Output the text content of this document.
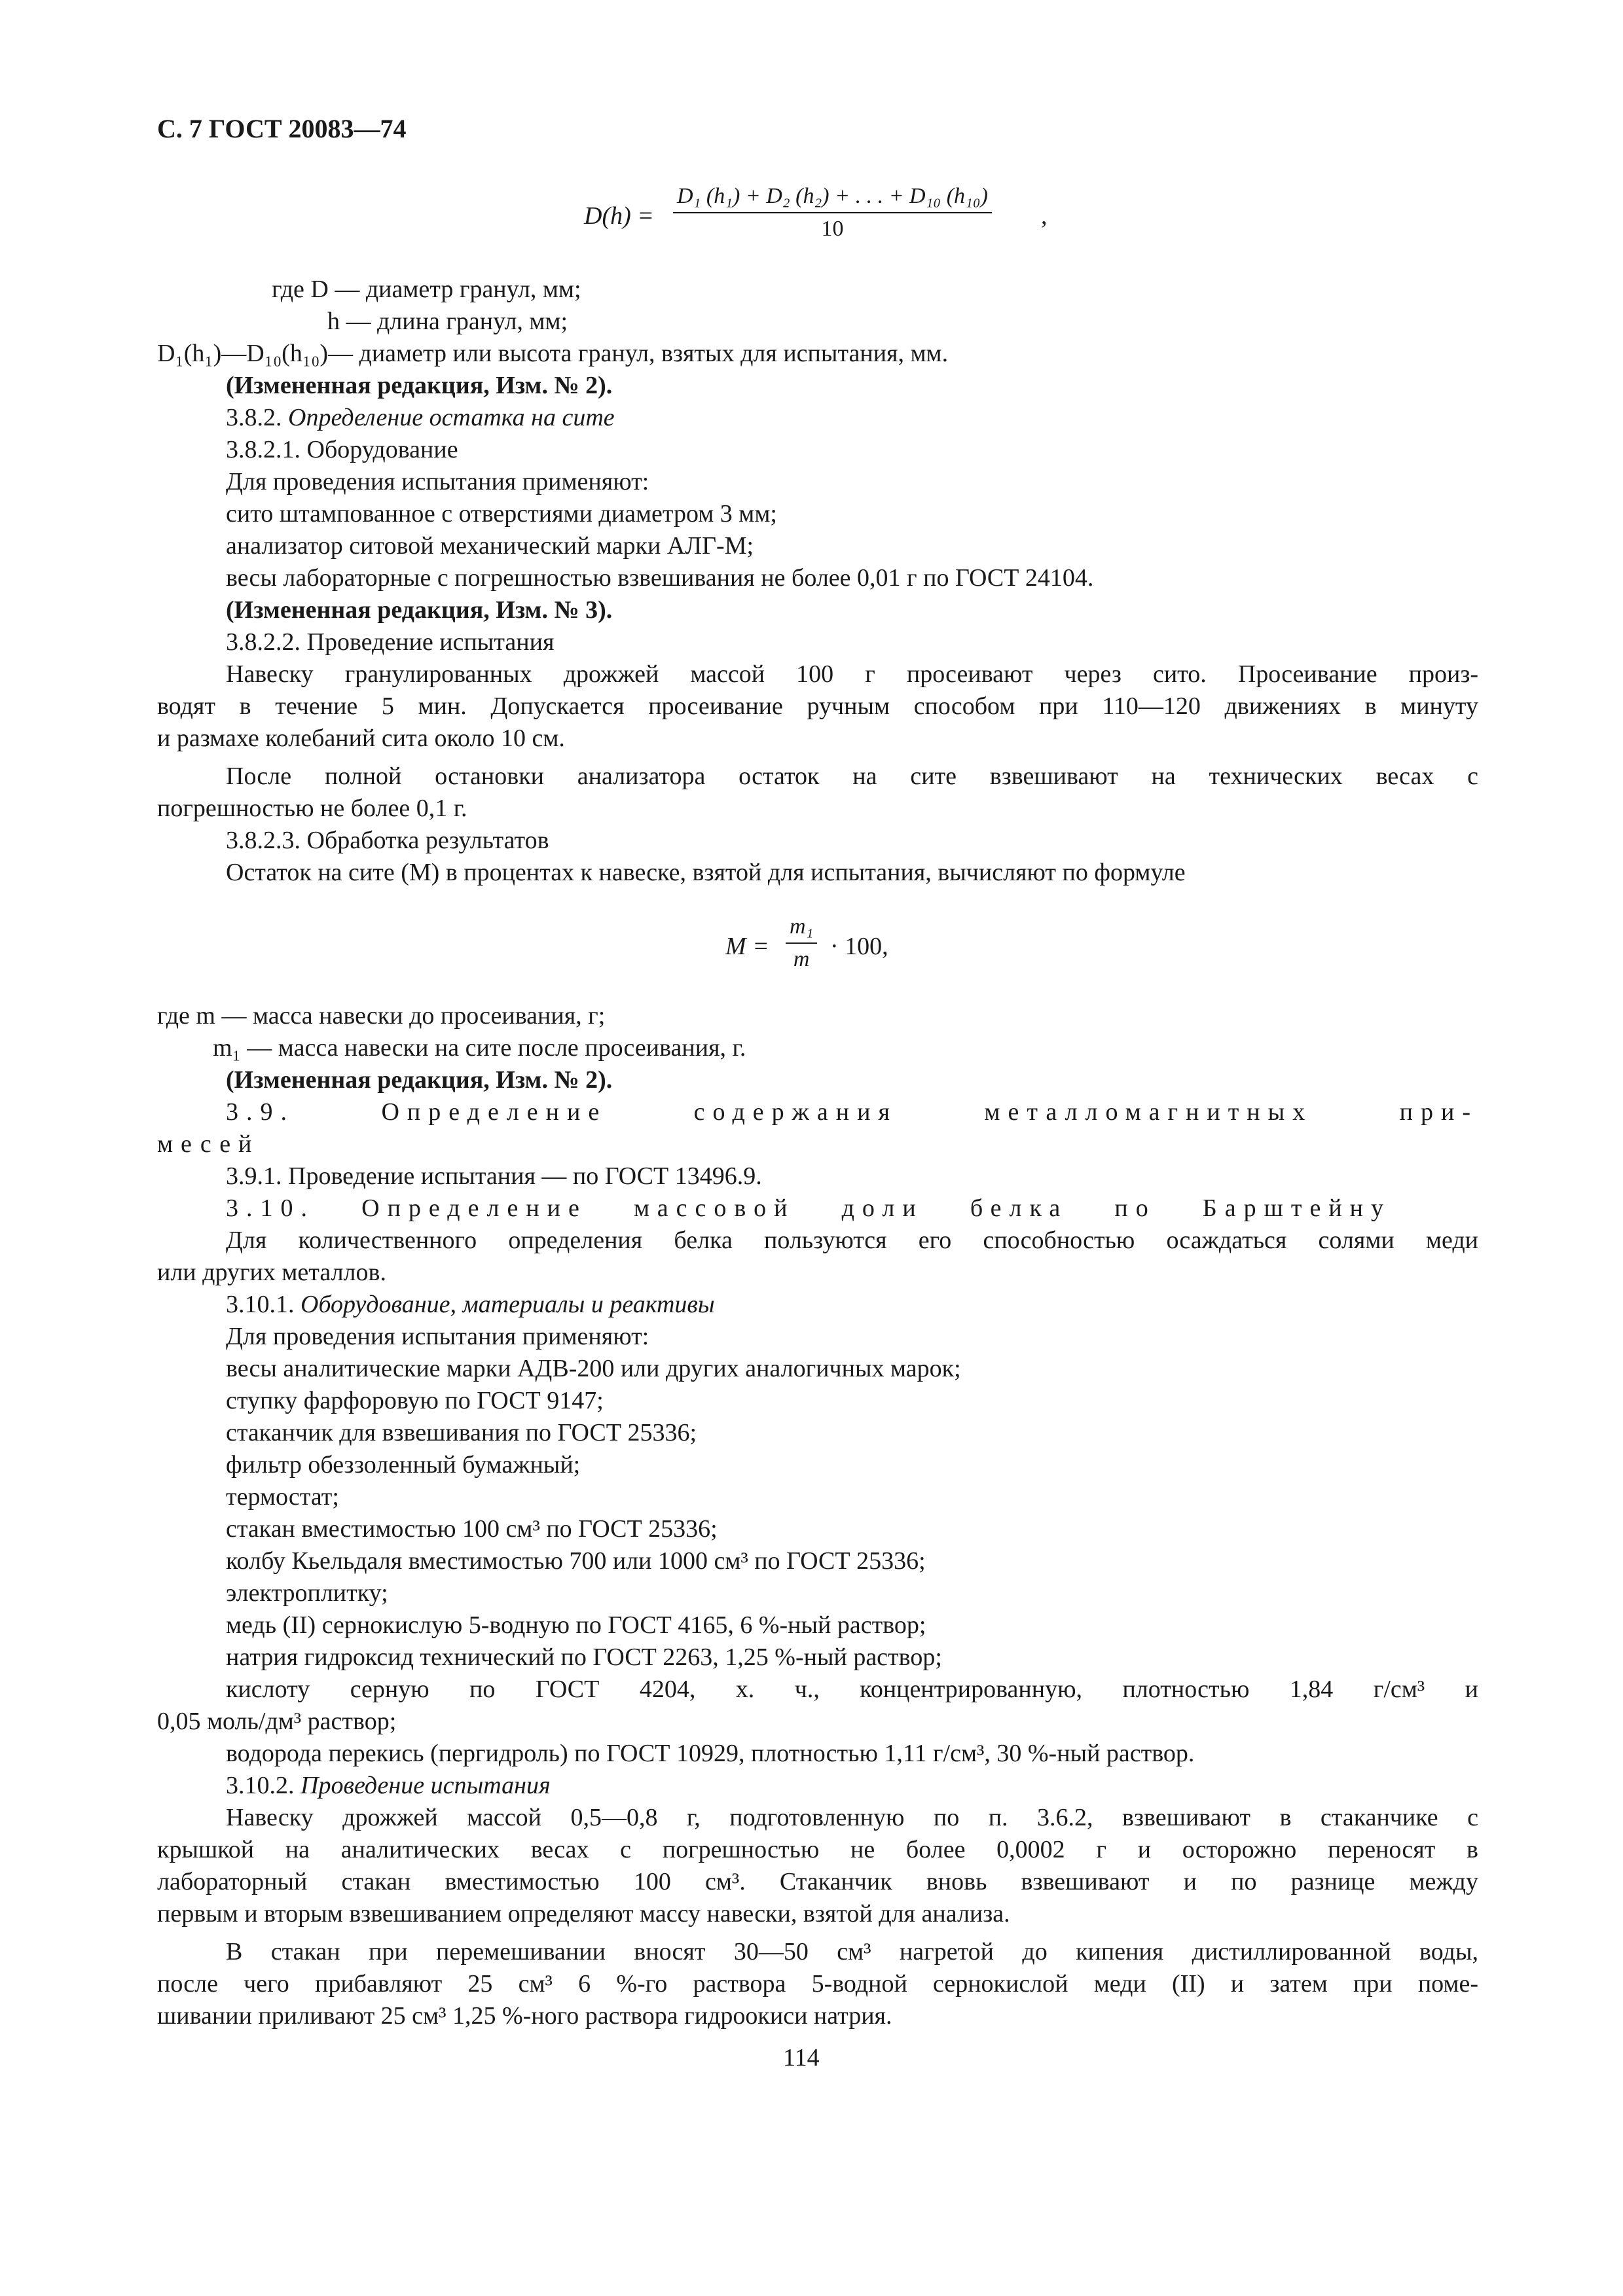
С. 7 ГОСТ 20083—74
$D(h) = \frac{\text{D₁ (h₁) + D₂ (h₂) + . . . + D₁₀ (h₁₀)}}{10}$ ,
где D — диаметр гранул, мм;
h — длина гранул, мм;
D₁(h₁)—D₁₀(h₁₀)— диаметр или высота гранул, взятых для испытания, мм.
(Измененная редакция, Изм. № 2).
3.8.2. Определение остатка на сите
3.8.2.1. Оборудование
Для проведения испытания применяют:
сито штампованное с отверстиями диаметром 3 мм;
анализатор ситовой механический марки АЛГ-М;
весы лабораторные с погрешностью взвешивания не более 0,01 г по ГОСТ 24104.
(Измененная редакция, Изм. № 3).
3.8.2.2. Проведение испытания
Навеску гранулированных дрожжей массой 100 г просеивают через сито. Просеивание произ-
водят в течение 5 мин. Допускается просеивание ручным способом при 110—120 движениях в минуту
и размахе колебаний сита около 10 см.
После полной остановки анализатора остаток на сите взвешивают на технических весах с
погрешностью не более 0,1 г.
3.8.2.3. Обработка результатов
Остаток на сите (M) в процентах к навеске, взятой для испытания, вычисляют по формуле
$M = \frac{\text{m₁}}{m} \cdot 100$,
где m — масса навески до просеивания, г;
m₁ — масса навески на сите после просеивания, г.
(Измененная редакция, Изм. № 2).
3.9. Определение содержания металломагнитных при-
месей
3.9.1. Проведение испытания — по ГОСТ 13496.9.
3.10. Определение массовой доли белка по Барштейну
Для количественного определения белка пользуются его способностью осаждаться солями меди
или других металлов.
3.10.1. Оборудование, материалы и реактивы
Для проведения испытания применяют:
весы аналитические марки АДВ-200 или других аналогичных марок;
ступку фарфоровую по ГОСТ 9147;
стаканчик для взвешивания по ГОСТ 25336;
фильтр обеззоленный бумажный;
термостат;
стакан вместимостью 100 см³ по ГОСТ 25336;
колбу Кьельдаля вместимостью 700 или 1000 см³ по ГОСТ 25336;
электроплитку;
медь (II) сернокислую 5-водную по ГОСТ 4165, 6 %-ный раствор;
натрия гидроксид технический по ГОСТ 2263, 1,25 %-ный раствор;
кислоту серную по ГОСТ 4204, х. ч., концентрированную, плотностью 1,84 г/см³ и
0,05 моль/дм³ раствор;
водорода перекись (пергидроль) по ГОСТ 10929, плотностью 1,11 г/см³, 30 %-ный раствор.
3.10.2. Проведение испытания
Навеску дрожжей массой 0,5—0,8 г, подготовленную по п. 3.6.2, взвешивают в стаканчике с
крышкой на аналитических весах с погрешностью не более 0,0002 г и осторожно переносят в
лабораторный стакан вместимостью 100 см³. Стаканчик вновь взвешивают и по разнице между
первым и вторым взвешиванием определяют массу навески, взятой для анализа.
В стакан при перемешивании вносят 30—50 см³ нагретой до кипения дистиллированной воды,
после чего прибавляют 25 см³ 6 %-го раствора 5-водной сернокислой меди (II) и затем при поме-
шивании приливают 25 см³ 1,25 %-ного раствора гидроокиси натрия.
114
